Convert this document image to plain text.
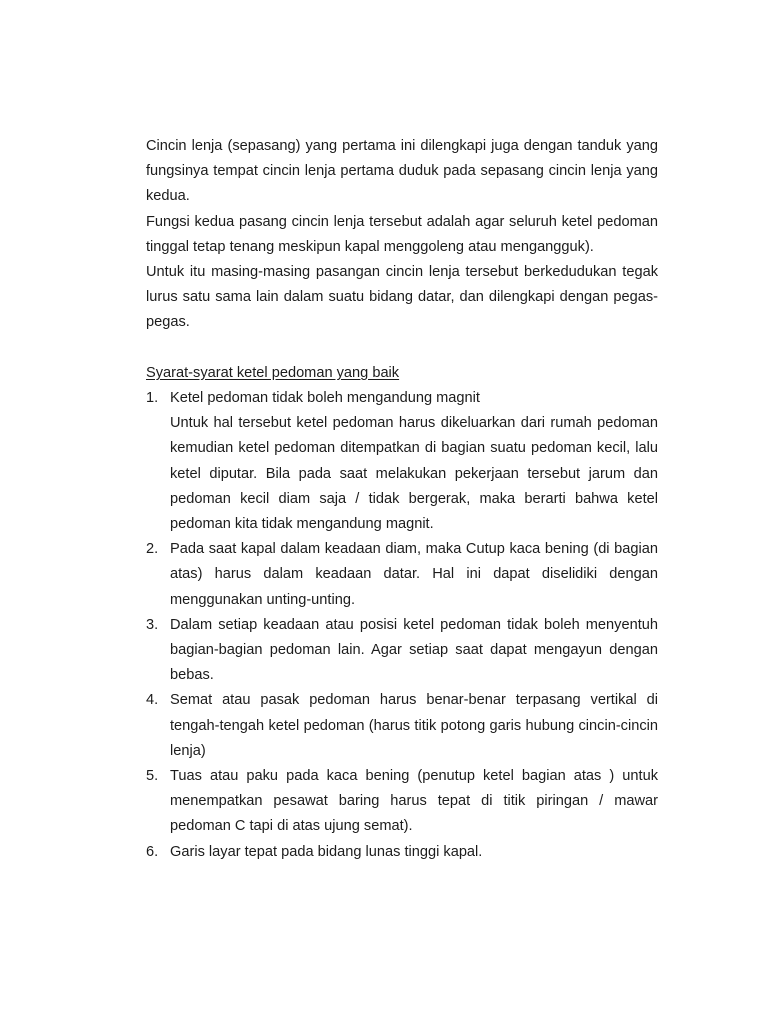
Cincin lenja (sepasang) yang pertama ini dilengkapi juga dengan tanduk yang fungsinya tempat cincin lenja pertama duduk pada sepasang cincin lenja yang kedua.

Fungsi kedua pasang cincin lenja tersebut adalah agar seluruh ketel pedoman tinggal tetap tenang meskipun kapal menggoleng atau mengangguk).

Untuk itu masing-masing pasangan cincin lenja tersebut berkedudukan tegak lurus satu sama lain dalam suatu bidang datar, dan dilengkapi dengan pegas-pegas.

Syarat-syarat ketel pedoman yang baik

1. Ketel pedoman tidak boleh mengandung magnit
Untuk hal tersebut ketel pedoman harus dikeluarkan dari rumah pedoman kemudian ketel pedoman ditempatkan di bagian suatu pedoman kecil, lalu ketel diputar. Bila pada saat melakukan pekerjaan tersebut jarum dan pedoman kecil diam saja / tidak bergerak, maka berarti bahwa ketel pedoman kita tidak mengandung magnit.
2. Pada saat kapal dalam keadaan diam, maka Cutup kaca bening (di bagian atas) harus dalam keadaan datar. Hal ini dapat diselidiki dengan menggunakan unting-unting.
3. Dalam setiap keadaan atau posisi ketel pedoman tidak boleh menyentuh bagian-bagian pedoman lain. Agar setiap saat dapat mengayun dengan bebas.
4. Semat atau pasak pedoman harus benar-benar terpasang vertikal di tengah-tengah ketel pedoman (harus titik potong garis hubung cincin-cincin lenja)
5. Tuas atau paku pada kaca bening (penutup ketel bagian atas ) untuk menempatkan pesawat baring harus tepat di titik piringan / mawar pedoman C tapi di atas ujung semat).
6. Garis layar tepat pada bidang lunas tinggi kapal.
